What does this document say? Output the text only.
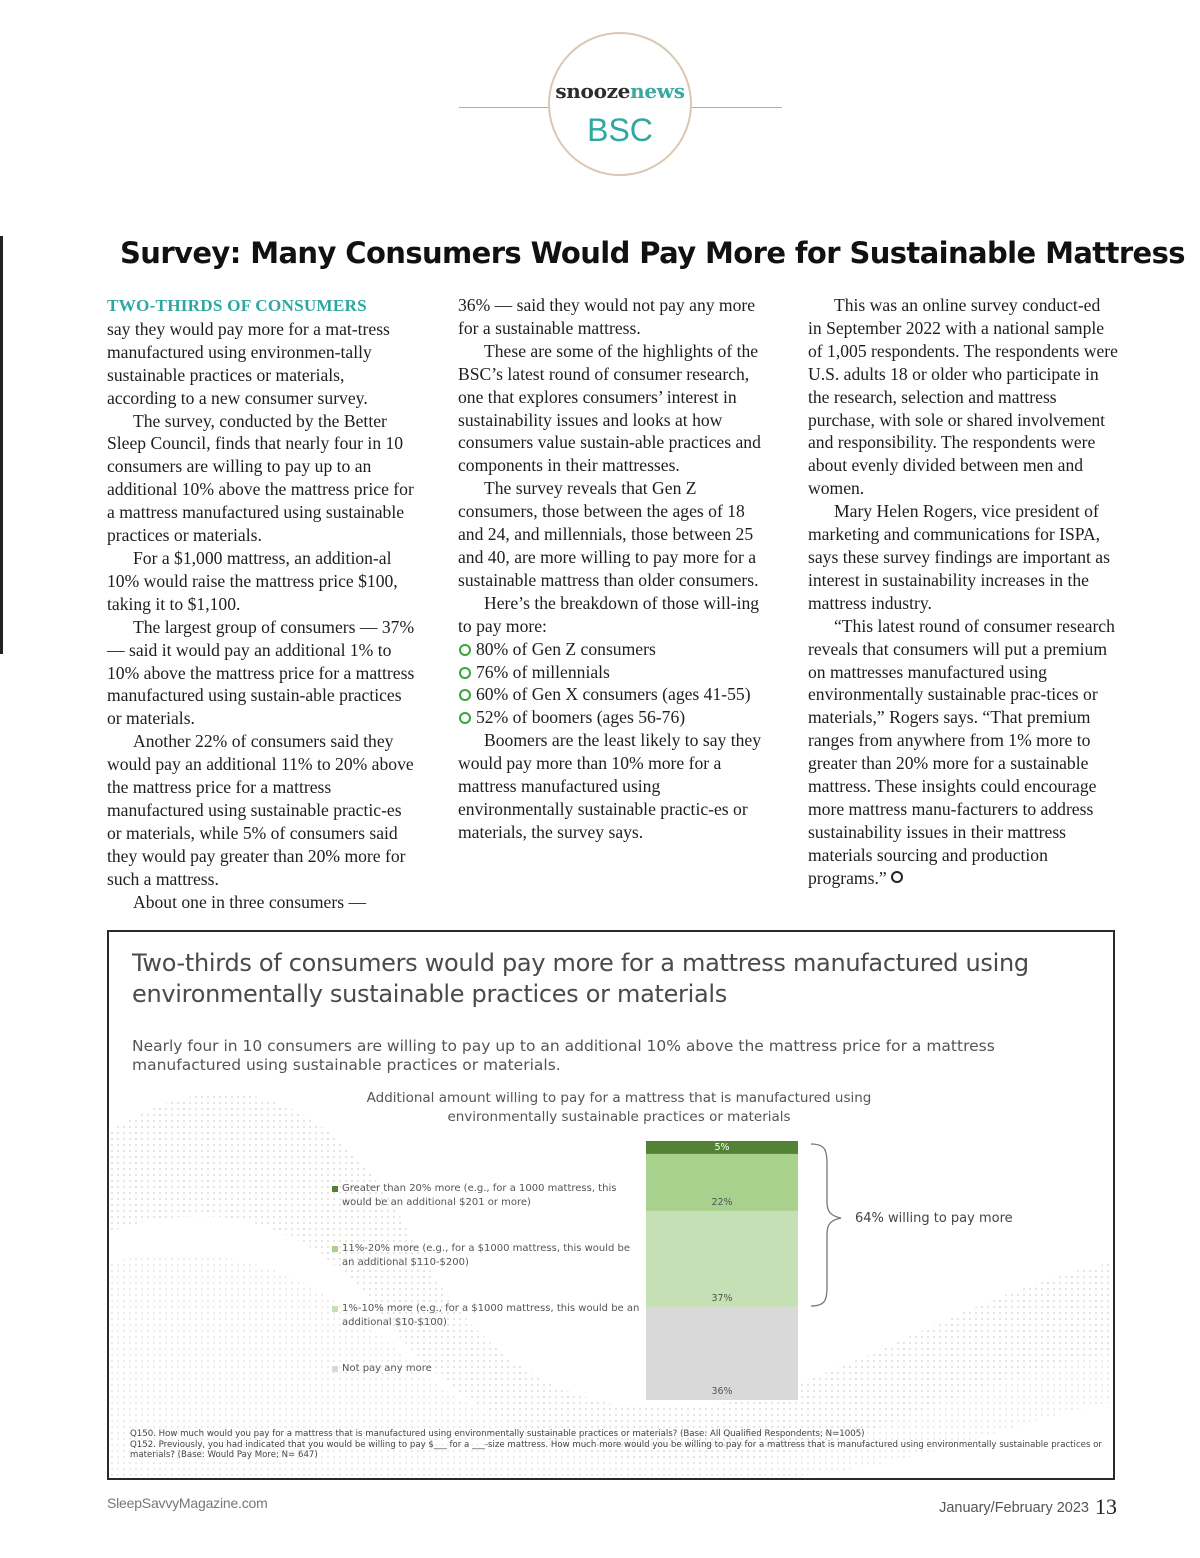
snoozenews
BSC
Survey: Many Consumers Would Pay More for Sustainable Mattress

TWO-THIRDS OF CONSUMERS
say they would pay more for a mat-tress manufactured using environmen-tally sustainable practices or materials, according to a new consumer survey.

The survey, conducted by the Better Sleep Council, finds that nearly four in 10 consumers are willing to pay up to an additional 10% above the mattress price for a mattress manufactured using sustainable practices or materials.

For a $1,000 mattress, an addition-al 10% would raise the mattress price $100, taking it to $1,100.

The largest group of consumers — 37% — said it would pay an additional 1% to 10% above the mattress price for a mattress manufactured using sustain-able practices or materials.

Another 22% of consumers said they would pay an additional 11% to 20% above the mattress price for a mattress manufactured using sustainable practic-es or materials, while 5% of consumers said they would pay greater than 20% more for such a mattress.

About one in three consumers —

36% — said they would not pay any more for a sustainable mattress.

These are some of the highlights of the BSC’s latest round of consumer research, one that explores consumers’ interest in sustainability issues and looks at how consumers value sustain-able practices and components in their mattresses.

The survey reveals that Gen Z consumers, those between the ages of 18 and 24, and millennials, those between 25 and 40, are more willing to pay more for a sustainable mattress than older consumers.

Here’s the breakdown of those will-ing to pay more:

80% of Gen Z consumers
76% of millennials
60% of Gen X consumers (ages 41-55)
52% of boomers (ages 56-76)

Boomers are the least likely to say they would pay more than 10% more for a mattress manufactured using environmentally sustainable practic-es or materials, the survey says.

This was an online survey conduct-ed in September 2022 with a national sample of 1,005 respondents. The respondents were U.S. adults 18 or older who participate in the research, selection and mattress purchase, with sole or shared involvement and responsibility. The respondents were about evenly divided between men and women.

Mary Helen Rogers, vice president of marketing and communications for ISPA, says these survey findings are important as interest in sustainability increases in the mattress industry.

“This latest round of consumer research reveals that consumers will put a premium on mattresses manufactured using environmentally sustainable prac-tices or materials,” Rogers says. “That premium ranges from anywhere from 1% more to greater than 20% more for a sustainable mattress. These insights could encourage more mattress manu-facturers to address sustainability issues in their mattress materials sourcing and production programs.”

Two-thirds of consumers would pay more for a mattress manufactured using environmentally sustainable practices or materials
Nearly four in 10 consumers are willing to pay up to an additional 10% above the mattress price for a mattress manufactured using sustainable practices or materials.
Additional amount willing to pay for a mattress that is manufactured using environmentally sustainable practices or materials
Greater than 20% more (e.g., for a 1000 mattress, this would be an additional $201 or more)
11%-20% more (e.g., for a $1000 mattress, this would be an additional $110-$200)
1%-10% more (e.g., for a $1000 mattress, this would be an additional $10-$100)
Not pay any more
36%
37%
22%
5%
64% willing to pay more
Q150. How much would you pay for a mattress that is manufactured using environmentally sustainable practices or materials? (Base: All Qualified Respondents; N=1005)
Q152. Previously, you had indicated that you would be willing to pay $___ for a ___-size mattress. How much more would you be willing to pay for a mattress that is manufactured using environmentally sustainable practices or materials? (Base: Would Pay More; N= 647)
SleepSavvyMagazine.com	January/February 2023 13
